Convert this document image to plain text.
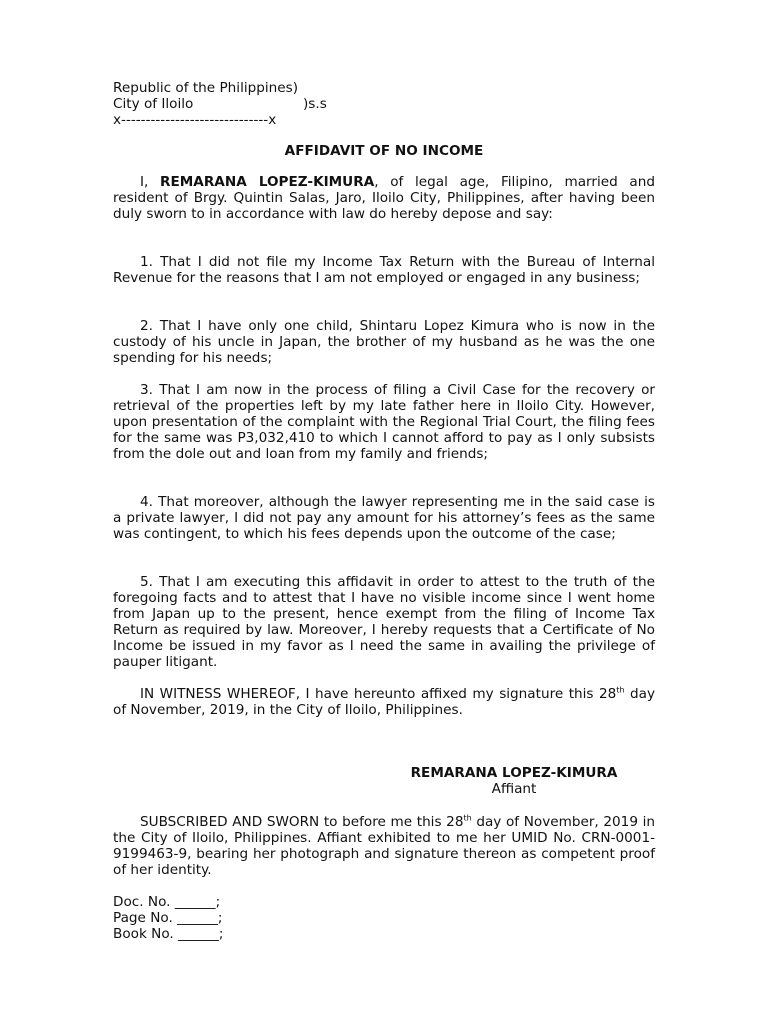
Republic of the Philippines)
City of Iloilo	)s.s
x------------------------------x
AFFIDAVIT OF NO INCOME

I, REMARANA LOPEZ-KIMURA, of legal age, Filipino, married and resident of Brgy. Quintin Salas, Jaro, Iloilo City, Philippines, after having been duly sworn to in accordance with law do hereby depose and say:

1. That I did not file my Income Tax Return with the Bureau of Internal Revenue for the reasons that I am not employed or engaged in any business;

2. That I have only one child, Shintaru Lopez Kimura who is now in the custody of his uncle in Japan, the brother of my husband as he was the one spending for his needs;

3. That I am now in the process of filing a Civil Case for the recovery or retrieval of the properties left by my late father here in Iloilo City. However, upon presentation of the complaint with the Regional Trial Court, the filing fees for the same was P3,032,410 to which I cannot afford to pay as I only subsists from the dole out and loan from my family and friends;

4. That moreover, although the lawyer representing me in the said case is a private lawyer, I did not pay any amount for his attorney’s fees as the same was contingent, to which his fees depends upon the outcome of the case;

5. That I am executing this affidavit in order to attest to the truth of the foregoing facts and to attest that I have no visible income since I went home from Japan up to the present, hence exempt from the filing of Income Tax Return as required by law. Moreover, I hereby requests that a Certificate of No Income be issued in my favor as I need the same in availing the privilege of pauper litigant.

IN WITNESS WHEREOF, I have hereunto affixed my signature this 28th day of November, 2019, in the City of Iloilo, Philippines.

REMARANA LOPEZ-KIMURA
Affiant

SUBSCRIBED AND SWORN to before me this 28th day of November, 2019 in the City of Iloilo, Philippines. Affiant exhibited to me her UMID No. CRN-0001-9199463-9, bearing her photograph and signature thereon as competent proof of her identity.

Doc. No. ______;
Page No. ______;
Book No. ______;
